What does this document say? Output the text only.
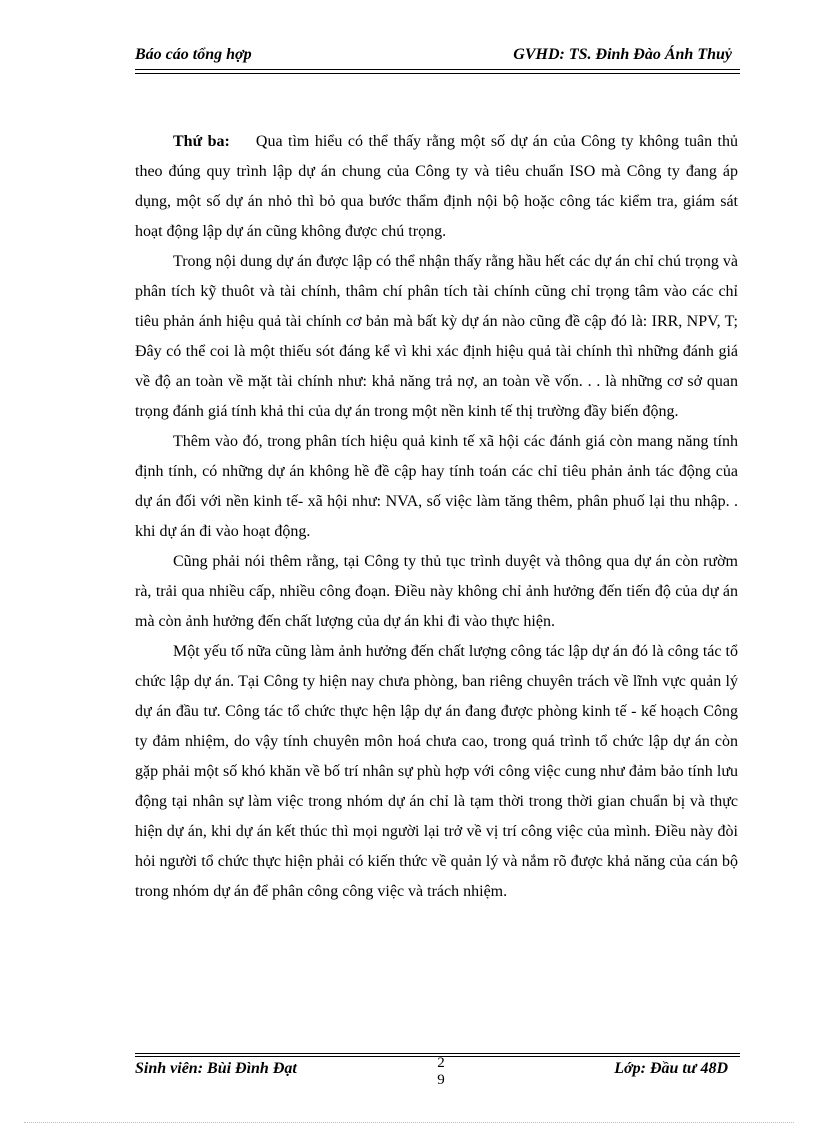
Báo cáo tổng hợp	GVHD: TS. Đinh Đào Ánh Thuỷ

Thứ ba: Qua tìm hiểu có thể thấy rằng một số dự án của Công ty không tuân thủ theo đúng quy trình lập dự án chung của Công ty và tiêu chuẩn ISO mà Công ty đang áp dụng, một số dự án nhỏ thì bỏ qua bước thẩm định nội bộ hoặc công tác kiểm tra, giám sát hoạt động lập dự án cũng không được chú trọng.

Trong nội dung dự án được lập có thể nhận thấy rằng hầu hết các dự án chỉ chú trọng và phân tích kỹ thuôt và tài chính, thâm chí phân tích tài chính cũng chỉ trọng tâm vào các chỉ tiêu phản ánh hiệu quả tài chính cơ bản mà bất kỳ dự án nào cũng đề cập đó là: IRR, NPV, T; Đây có thể coi là một thiếu sót đáng kể vì khi xác định hiệu quả tài chính thì những đánh giá về độ an toàn về mặt tài chính như: khả năng trả nợ, an toàn về vốn. . . là những cơ sở quan trọng đánh giá tính khả thi của dự án trong một nền kinh tế thị trường đầy biến động.

Thêm vào đó, trong phân tích hiệu quả kinh tế xã hội các đánh giá còn mang năng tính định tính, có những dự án không hề đề cập hay tính toán các chỉ tiêu phản ảnh tác động của dự án đối với nền kinh tế- xã hội như: NVA, số việc làm tăng thêm, phân phuố lại thu nhập. . khi dự án đi vào hoạt động.

Cũng phải nói thêm rằng, tại Công ty thủ tục trình duyệt và thông qua dự án còn rườm rà, trải qua nhiều cấp, nhiều công đoạn. Điều này không chỉ ảnh hưởng đến tiến độ của dự án mà còn ảnh hưởng đến chất lượng của dự án khi đi vào thực hiện.

Một yếu tố nữa cũng làm ảnh hưởng đến chất lượng công tác lập dự án đó là công tác tổ chức lập dự án. Tại Công ty hiện nay chưa phòng, ban riêng chuyên trách về lĩnh vực quản lý dự án đầu tư. Công tác tổ chức thực hện lập dự án đang được phòng kinh tế - kế hoạch Công ty đảm nhiệm, do vậy tính chuyên môn hoá chưa cao, trong quá trình tổ chức lập dự án còn gặp phải một số khó khăn về bố trí nhân sự phù hợp với công việc cung như đảm bảo tính lưu động tại nhân sự làm việc trong nhóm dự án chỉ là tạm thời trong thời gian chuẩn bị và thực hiện dự án, khi dự án kết thúc thì mọi người lại trở về vị trí công việc của mình. Điều này đòi hỏi người tổ chức thực hiện phải có kiến thức về quản lý và nắm rõ được khả năng của cán bộ trong nhóm dự án để phân công công việc và trách nhiệm.

Sinh viên: Bùi Đình Đạt	2
9
Lớp: Đầu tư 48D
